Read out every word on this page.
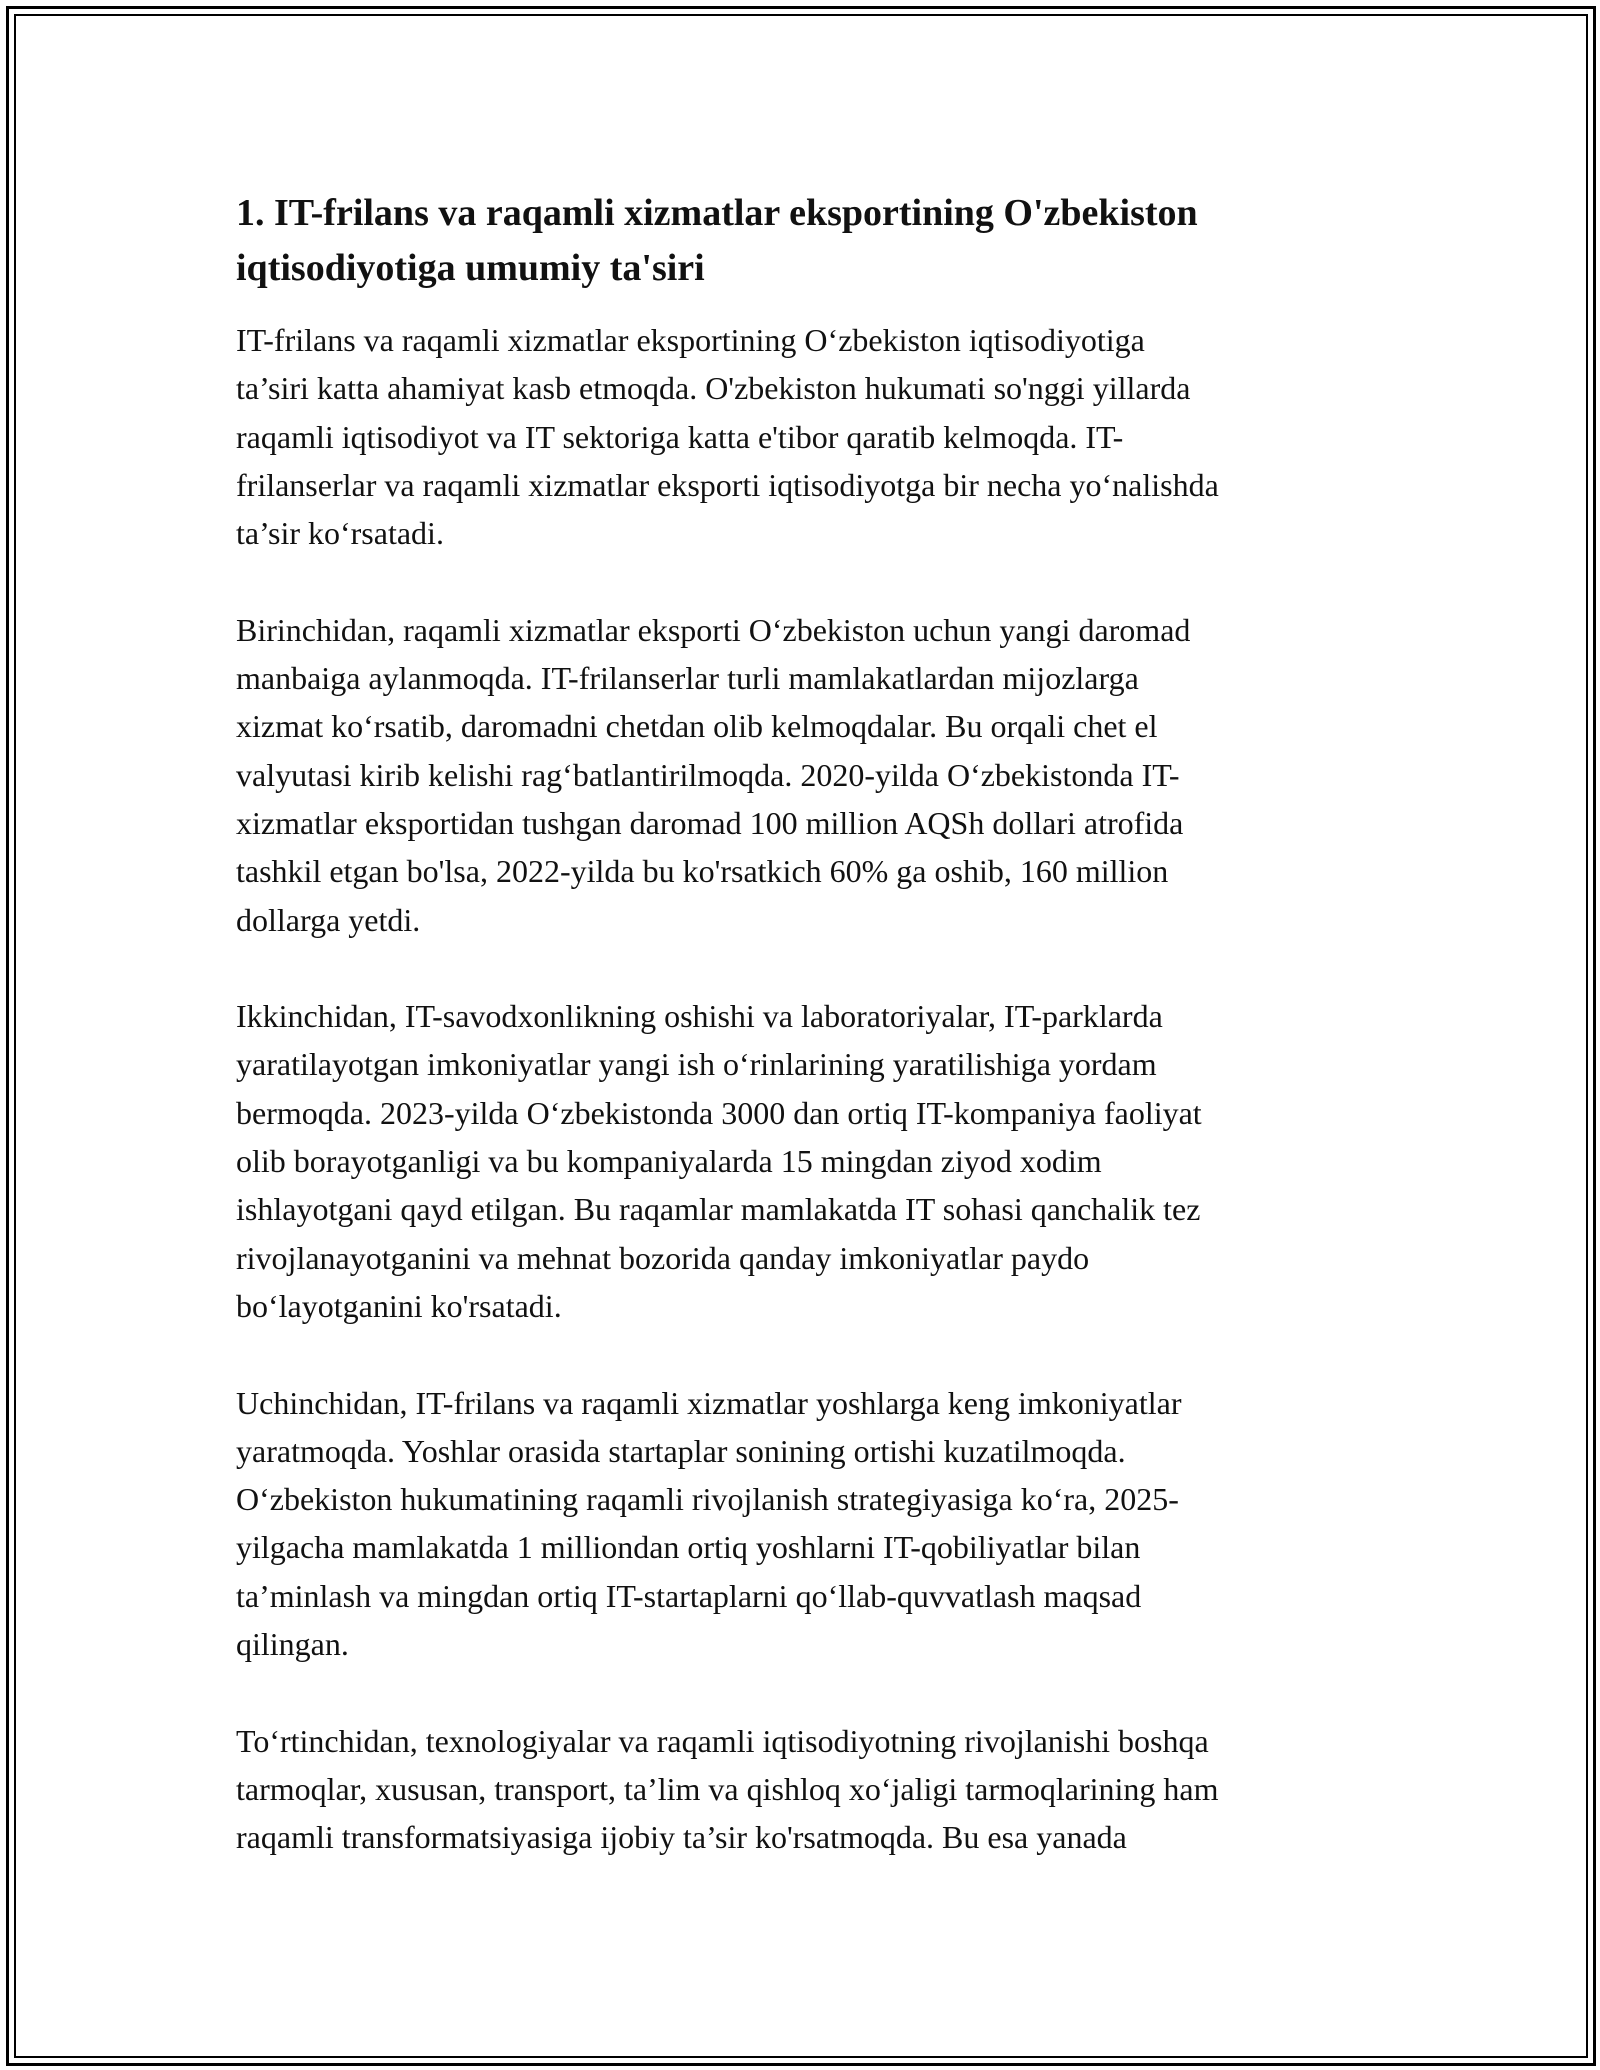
1. IT-frilans va raqamli xizmatlar eksportining O'zbekiston
iqtisodiyotiga umumiy ta'siri

IT-frilans va raqamli xizmatlar eksportining O‘zbekiston iqtisodiyotiga
ta’siri katta ahamiyat kasb etmoqda. O'zbekiston hukumati so'nggi yillarda
raqamli iqtisodiyot va IT sektoriga katta e'tibor qaratib kelmoqda. IT-
frilanserlar va raqamli xizmatlar eksporti iqtisodiyotga bir necha yo‘nalishda
ta’sir ko‘rsatadi.

Birinchidan, raqamli xizmatlar eksporti O‘zbekiston uchun yangi daromad
manbaiga aylanmoqda. IT-frilanserlar turli mamlakatlardan mijozlarga
xizmat ko‘rsatib, daromadni chetdan olib kelmoqdalar. Bu orqali chet el
valyutasi kirib kelishi rag‘batlantirilmoqda. 2020-yilda O‘zbekistonda IT-
xizmatlar eksportidan tushgan daromad 100 million AQSh dollari atrofida
tashkil etgan bo'lsa, 2022-yilda bu ko'rsatkich 60% ga oshib, 160 million
dollarga yetdi.

Ikkinchidan, IT-savodxonlikning oshishi va laboratoriyalar, IT-parklarda
yaratilayotgan imkoniyatlar yangi ish o‘rinlarining yaratilishiga yordam
bermoqda. 2023-yilda O‘zbekistonda 3000 dan ortiq IT-kompaniya faoliyat
olib borayotganligi va bu kompaniyalarda 15 mingdan ziyod xodim
ishlayotgani qayd etilgan. Bu raqamlar mamlakatda IT sohasi qanchalik tez
rivojlanayotganini va mehnat bozorida qanday imkoniyatlar paydo
bo‘layotganini ko'rsatadi.

Uchinchidan, IT-frilans va raqamli xizmatlar yoshlarga keng imkoniyatlar
yaratmoqda. Yoshlar orasida startaplar sonining ortishi kuzatilmoqda.
O‘zbekiston hukumatining raqamli rivojlanish strategiyasiga ko‘ra, 2025-
yilgacha mamlakatda 1 milliondan ortiq yoshlarni IT-qobiliyatlar bilan
ta’minlash va mingdan ortiq IT-startaplarni qo‘llab-quvvatlash maqsad
qilingan.

To‘rtinchidan, texnologiyalar va raqamli iqtisodiyotning rivojlanishi boshqa
tarmoqlar, xususan, transport, ta’lim va qishloq xo‘jaligi tarmoqlarining ham
raqamli transformatsiyasiga ijobiy ta’sir ko'rsatmoqda. Bu esa yanada
